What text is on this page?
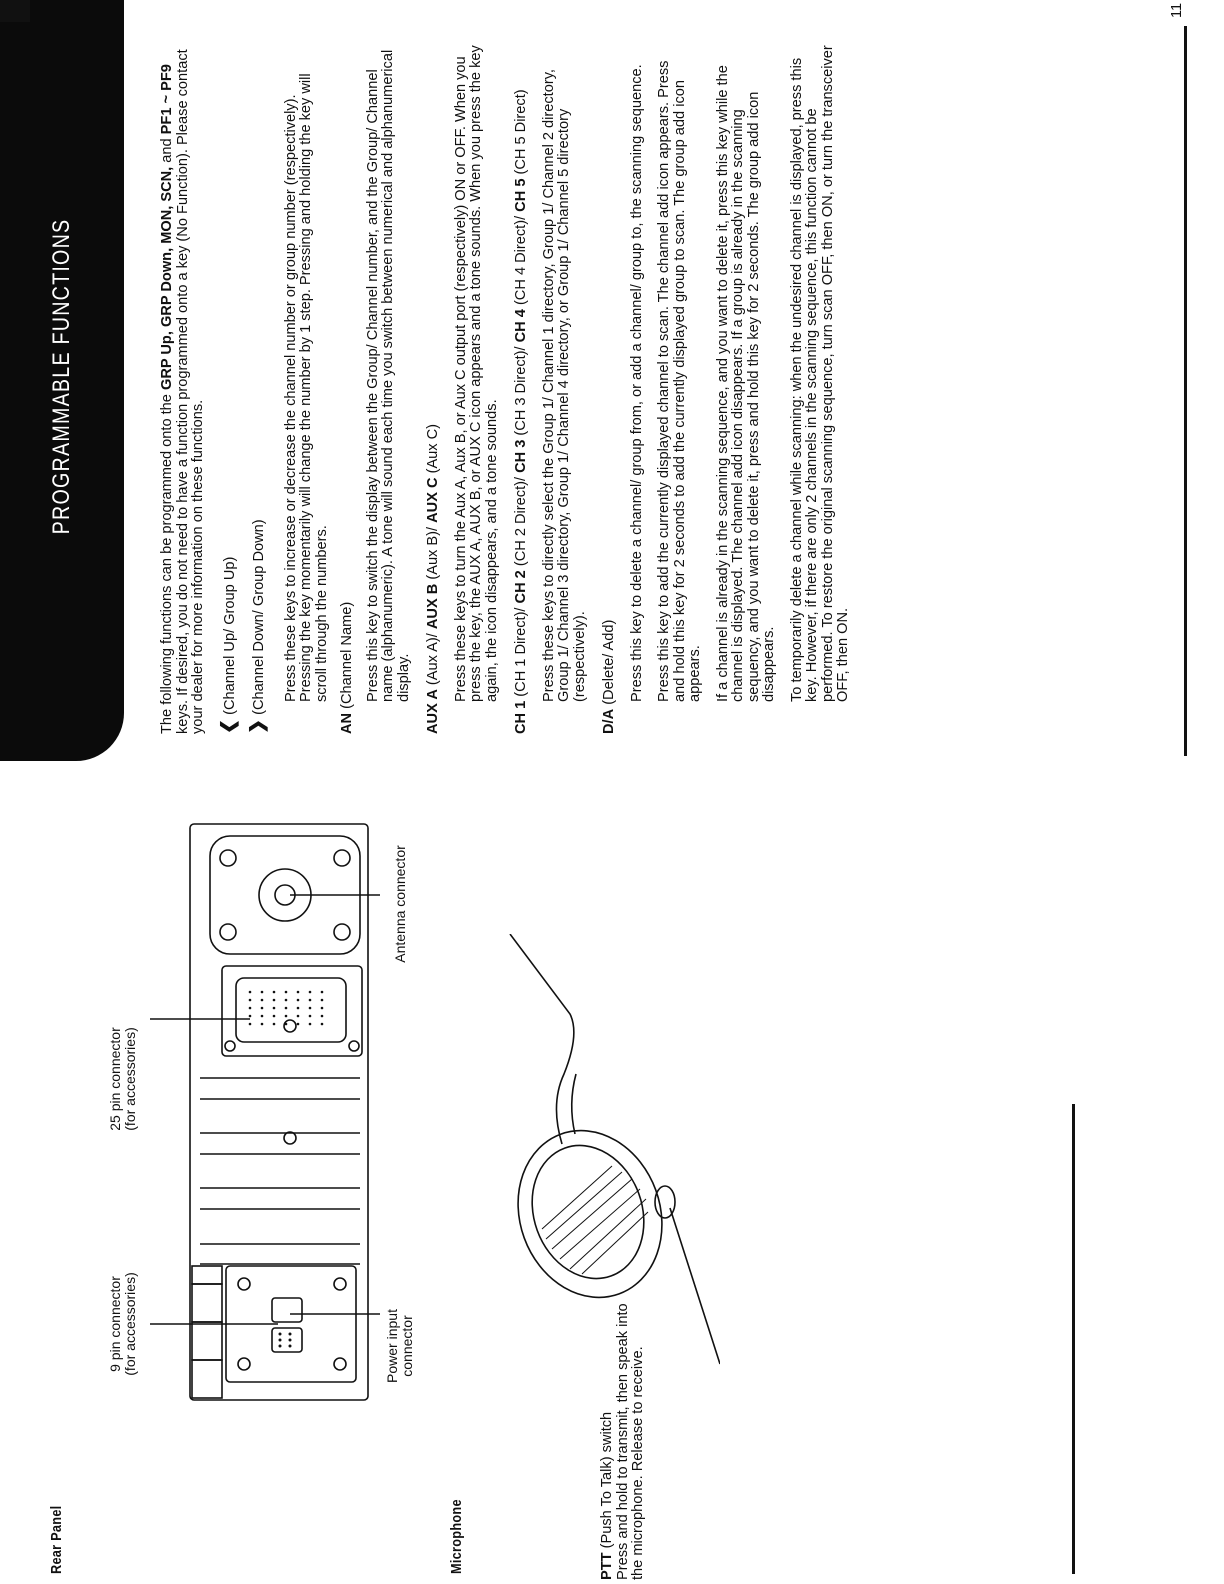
Rear Panel
9 pin connector (for accessories)
25 pin connector (for accessories)
Power input connector
Antenna connector
Microphone	PTT (Push To Talk) switch Press and hold to transmit, then speak into the microphone. Release to receive.
PROGRAMMABLE FUNCTIONS

The following functions can be programmed onto the GRP Up, GRP Down, MON, SCN, and PF1 ~ PF9 keys. If desired, you do not need to have a function programmed onto a key (No Function). Please contact your dealer for more information on these functions. ❮ (Channel Up/ Group Up)

❯ (Channel Down/ Group Down) Press these keys to increase or decrease the channel number or group number (respectively). Pressing the key momentarily will change the number by 1 step. Pressing and holding the key will scroll through the numbers.

AN (Channel Name) Press this key to switch the display between the Group/ Channel number, and the Group/ Channel name (alphanumeric). A tone will sound each time you switch between numerical and alphanumerical display.

AUX A (Aux A)/ AUX B (Aux B)/ AUX C (Aux C) Press these keys to turn the Aux A, Aux B, or Aux C output port (respectively) ON or OFF. When you press the key, the AUX A, AUX B, or AUX C icon appears and a tone sounds. When you press the key again, the icon disappears, and a tone sounds.

CH 1 (CH 1 Direct)/ CH 2 (CH 2 Direct)/ CH 3 (CH 3 Direct)/ CH 4 (CH 4 Direct)/ CH 5 (CH 5 Direct) Press these keys to directly select the Group 1/ Channel 1 directory, Group 1/ Channel 2 directory, Group 1/ Channel 3 directory, Group 1/ Channel 4 directory, or Group 1/ Channel 5 directory (respectively).

D/A (Delete/ Add) Press this key to delete a channel/ group from, or add a channel/ group to, the scanning sequence. Press this key to add the currently displayed channel to scan. The channel add icon appears. Press and hold this key for 2 seconds to add the currently displayed group to scan. The group add icon appears. If a channel is already in the scanning sequence, and you want to delete it, press this key while the channel is displayed. The channel add icon disappears. If a group is already in the scanning sequency, and you want to delete it, press and hold this key for 2 seconds. The group add icon disappears. To temporarily delete a channel while scanning: when the undesired channel is displayed, press this key. However, if there are only 2 channels in the scanning sequence, this function cannot be performed. To restore the original scanning sequence, turn scan OFF, then ON, or turn the transceiver OFF, then ON.

11
